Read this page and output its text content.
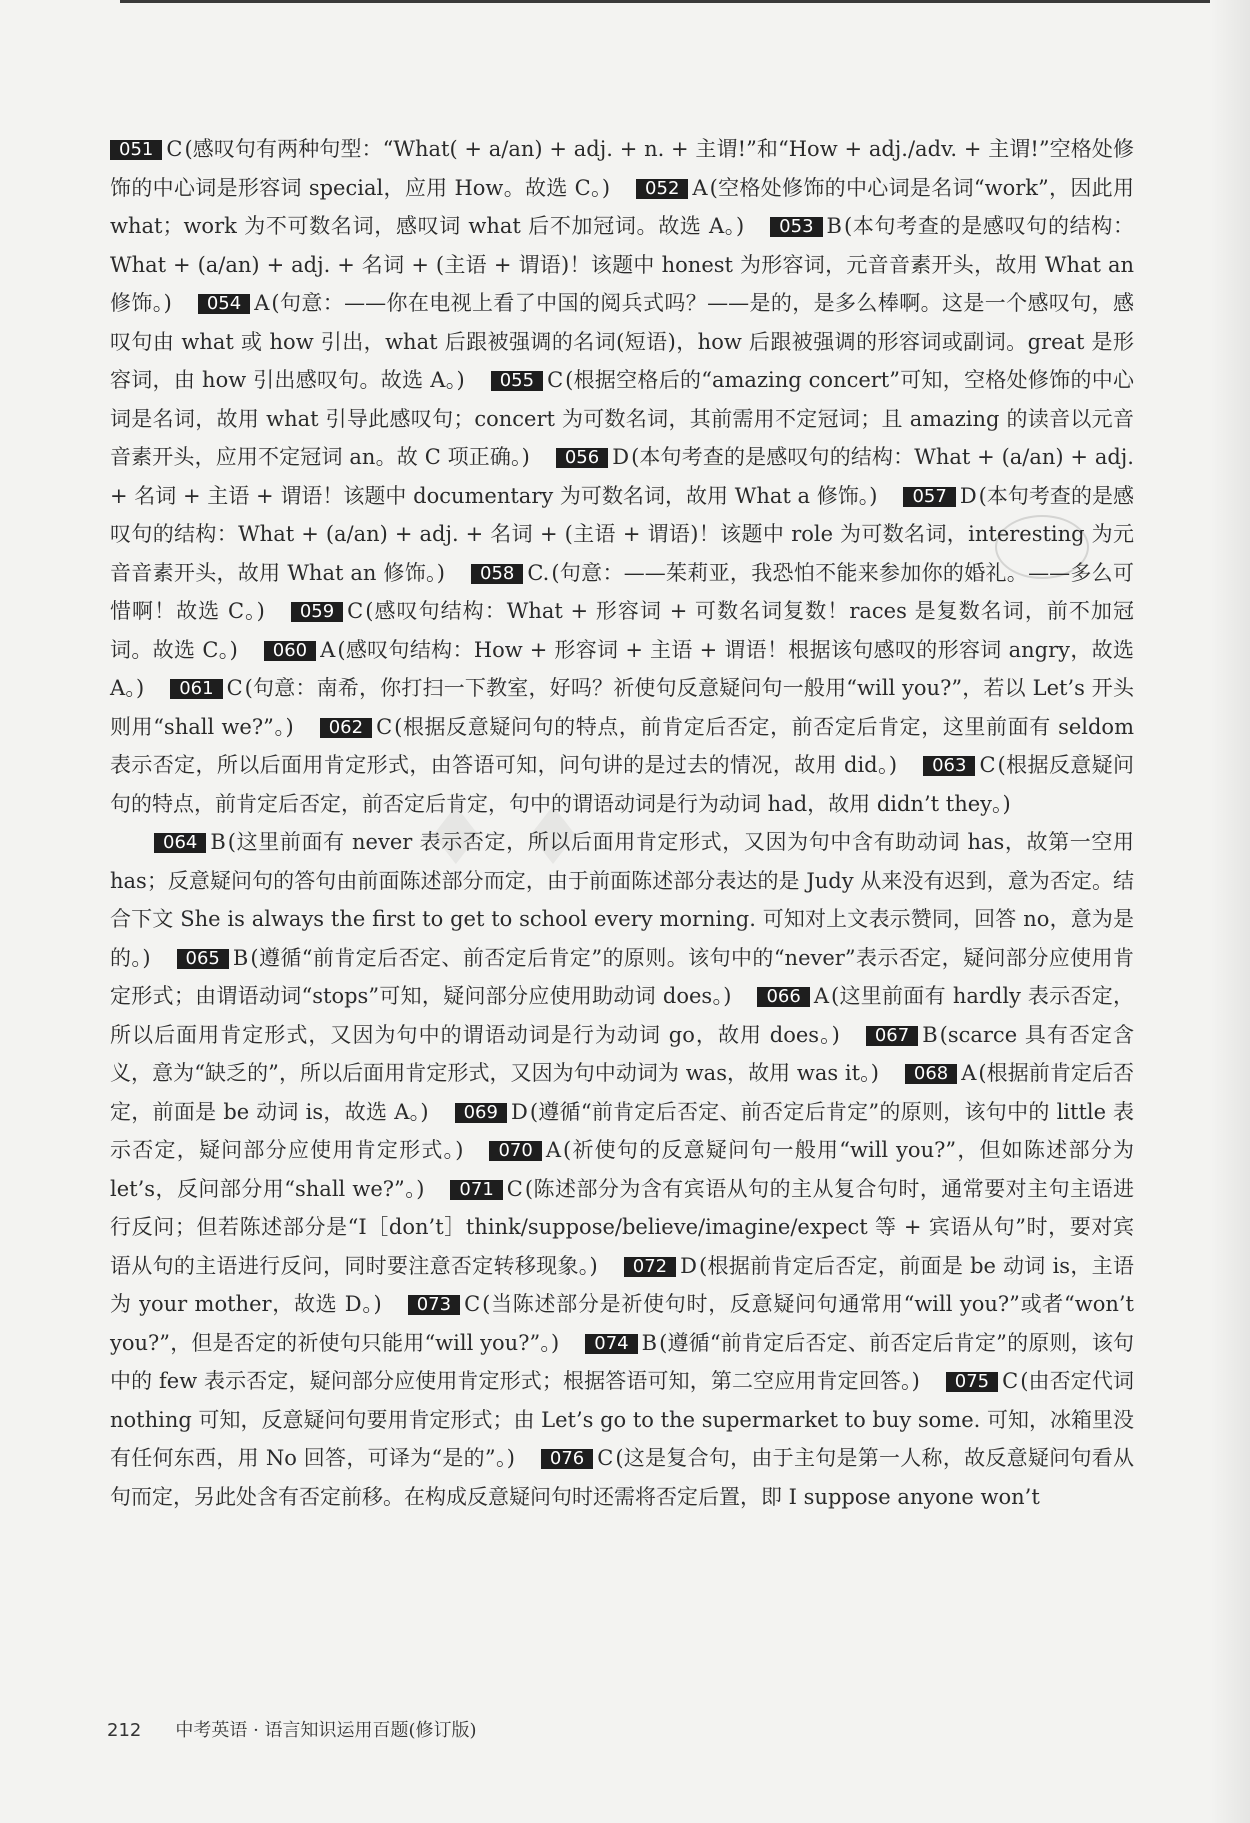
♦ ♦
051 C(感叹句有两种句型：“What( + a/an) + adj. + n. + 主谓!”和“How + adj./adv. + 主谓!”空格处修饰的中心词是形容词 special，应用 How。故选 C。) 052 A(空格处修饰的中心词是名词“work”，因此用 what；work 为不可数名词，感叹词 what 后不加冠词。故选 A。) 053 B(本句考查的是感叹句的结构：What + (a/an) + adj. + 名词 + (主语 + 谓语)！该题中 honest 为形容词，元音音素开头，故用 What an 修饰。) 054 A(句意：——你在电视上看了中国的阅兵式吗？——是的，是多么棒啊。这是一个感叹句，感叹句由 what 或 how 引出，what 后跟被强调的名词(短语)，how 后跟被强调的形容词或副词。great 是形容词，由 how 引出感叹句。故选 A。) 055 C(根据空格后的“amazing concert”可知，空格处修饰的中心词是名词，故用 what 引导此感叹句；concert 为可数名词，其前需用不定冠词；且 amazing 的读音以元音音素开头，应用不定冠词 an。故 C 项正确。) 056 D(本句考查的是感叹句的结构：What + (a/an) + adj. + 名词 + 主语 + 谓语！该题中 documentary 为可数名词，故用 What a 修饰。) 057 D(本句考查的是感叹句的结构：What + (a/an) + adj. + 名词 + (主语 + 谓语)！该题中 role 为可数名词，interesting 为元音音素开头，故用 What an 修饰。) 058 C.(句意：——茱莉亚，我恐怕不能来参加你的婚礼。——多么可惜啊！故选 C。) 059 C(感叹句结构：What + 形容词 + 可数名词复数！races 是复数名词，前不加冠词。故选 C。) 060 A(感叹句结构：How + 形容词 + 主语 + 谓语！根据该句感叹的形容词 angry，故选 A。) 061 C(句意：南希，你打扫一下教室，好吗？祈使句反意疑问句一般用“will you?”，若以 Let’s 开头则用“shall we?”。) 062 C(根据反意疑问句的特点，前肯定后否定，前否定后肯定，这里前面有 seldom 表示否定，所以后面用肯定形式，由答语可知，问句讲的是过去的情况，故用 did。) 063 C(根据反意疑问句的特点，前肯定后否定，前否定后肯定，句中的谓语动词是行为动词 had，故用 didn’t they。)
064 B(这里前面有 never 表示否定，所以后面用肯定形式，又因为句中含有助动词 has，故第一空用 has；反意疑问句的答句由前面陈述部分而定，由于前面陈述部分表达的是 Judy 从来没有迟到，意为否定。结合下文 She is always the first to get to school every morning. 可知对上文表示赞同，回答 no，意为是的。) 065 B(遵循“前肯定后否定、前否定后肯定”的原则。该句中的“never”表示否定，疑问部分应使用肯定形式；由谓语动词“stops”可知，疑问部分应使用助动词 does。) 066 A(这里前面有 hardly 表示否定，所以后面用肯定形式，又因为句中的谓语动词是行为动词 go，故用 does。) 067 B(scarce 具有否定含义，意为“缺乏的”，所以后面用肯定形式，又因为句中动词为 was，故用 was it。) 068 A(根据前肯定后否定，前面是 be 动词 is，故选 A。) 069 D(遵循“前肯定后否定、前否定后肯定”的原则，该句中的 little 表示否定，疑问部分应使用肯定形式。) 070 A(祈使句的反意疑问句一般用“will you?”，但如陈述部分为 let’s，反问部分用“shall we?”。) 071 C(陈述部分为含有宾语从句的主从复合句时，通常要对主句主语进行反问；但若陈述部分是“I［don’t］think/suppose/believe/imagine/expect 等 + 宾语从句”时，要对宾语从句的主语进行反问，同时要注意否定转移现象。) 072 D(根据前肯定后否定，前面是 be 动词 is，主语为 your mother，故选 D。) 073 C(当陈述部分是祈使句时，反意疑问句通常用“will you?”或者“won’t you?”，但是否定的祈使句只能用“will you?”。) 074 B(遵循“前肯定后否定、前否定后肯定”的原则，该句中的 few 表示否定，疑问部分应使用肯定形式；根据答语可知，第二空应用肯定回答。) 075 C(由否定代词 nothing 可知，反意疑问句要用肯定形式；由 Let’s go to the supermarket to buy some. 可知，冰箱里没有任何东西，用 No 回答，可译为“是的”。) 076 C(这是复合句，由于主句是第一人称，故反意疑问句看从句而定，另此处含有否定前移。在构成反意疑问句时还需将否定后置，即 I suppose anyone won’t
212 中考英语 · 语言知识运用百题(修订版)
